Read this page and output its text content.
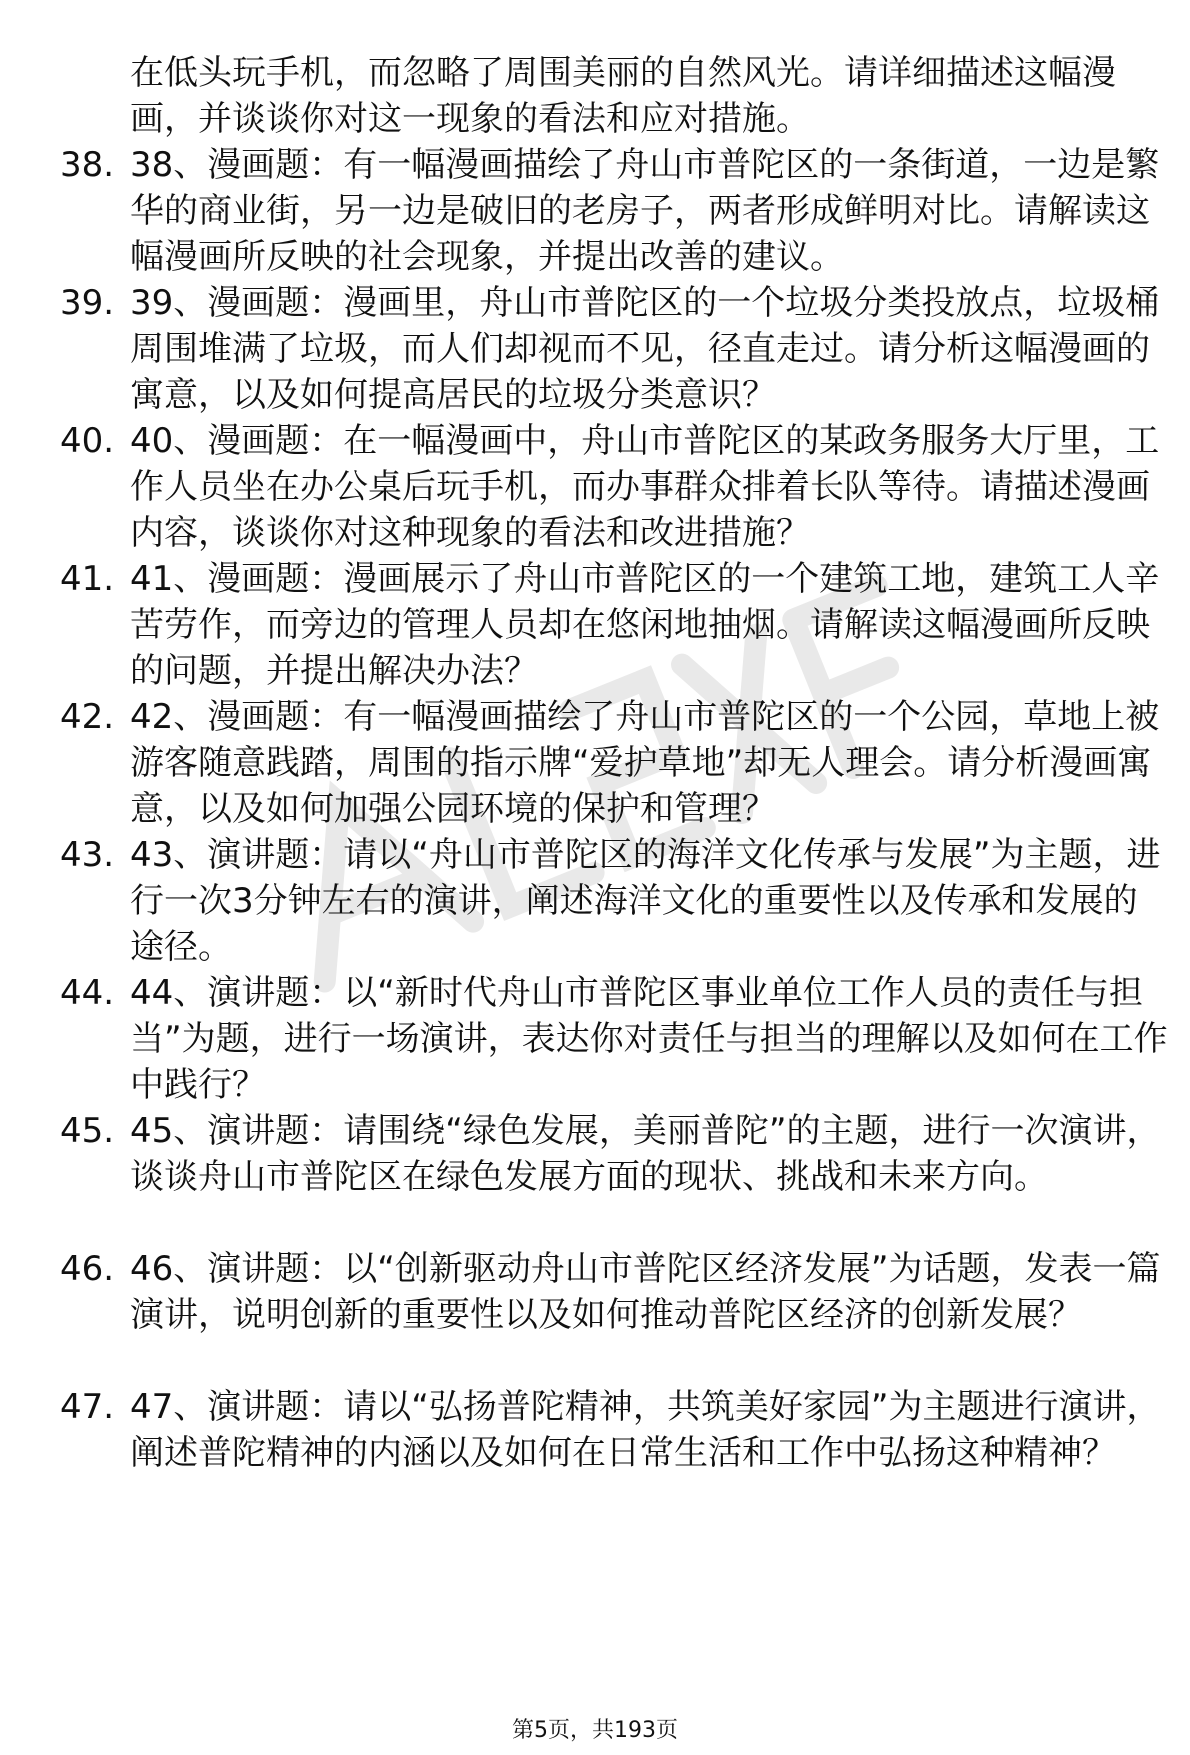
在低头玩手机，而忽略了周围美丽的自然风光。请详细描述这幅漫画，并谈谈你对这一现象的看法和应对措施。
38. 38、漫画题：有一幅漫画描绘了舟山市普陀区的一条街道，一边是繁华的商业街，另一边是破旧的老房子，两者形成鲜明对比。请解读这幅漫画所反映的社会现象，并提出改善的建议。
39. 39、漫画题：漫画里，舟山市普陀区的一个垃圾分类投放点，垃圾桶周围堆满了垃圾，而人们却视而不见，径直走过。请分析这幅漫画的寓意，以及如何提高居民的垃圾分类意识？
40. 40、漫画题：在一幅漫画中，舟山市普陀区的某政务服务大厅里，工作人员坐在办公桌后玩手机，而办事群众排着长队等待。请描述漫画内容，谈谈你对这种现象的看法和改进措施？
41. 41、漫画题：漫画展示了舟山市普陀区的一个建筑工地，建筑工人辛苦劳作，而旁边的管理人员却在悠闲地抽烟。请解读这幅漫画所反映的问题，并提出解决办法？
42. 42、漫画题：有一幅漫画描绘了舟山市普陀区的一个公园，草地上被游客随意践踏，周围的指示牌“爱护草地”却无人理会。请分析漫画寓意，以及如何加强公园环境的保护和管理？
43. 43、演讲题：请以“舟山市普陀区的海洋文化传承与发展”为主题，进行一次3分钟左右的演讲，阐述海洋文化的重要性以及传承和发展的途径。
44. 44、演讲题：以“新时代舟山市普陀区事业单位工作人员的责任与担当”为题，进行一场演讲，表达你对责任与担当的理解以及如何在工作中践行？
45. 45、演讲题：请围绕“绿色发展，美丽普陀”的主题，进行一次演讲，谈谈舟山市普陀区在绿色发展方面的现状、挑战和未来方向。
46. 46、演讲题：以“创新驱动舟山市普陀区经济发展”为话题，发表一篇演讲，说明创新的重要性以及如何推动普陀区经济的创新发展？
47. 47、演讲题：请以“弘扬普陀精神，共筑美好家园”为主题进行演讲，阐述普陀精神的内涵以及如何在日常生活和工作中弘扬这种精神？
第5页，共193页
